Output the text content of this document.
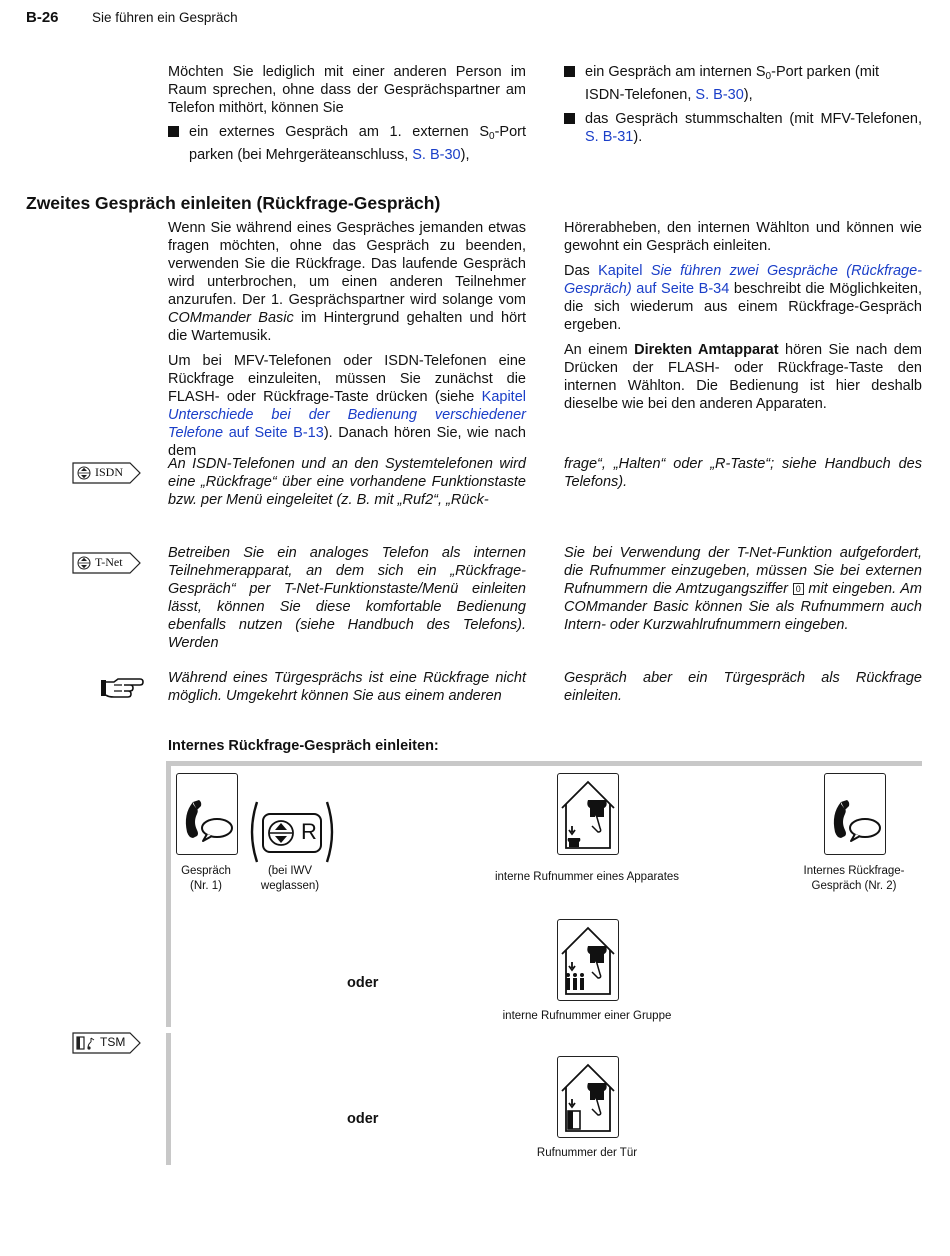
B-26 Sie führen ein Gespräch

Möchten Sie lediglich mit einer anderen Person im Raum sprechen, ohne dass der Gesprächspartner am Telefon mithört, können Sie

ein externes Gespräch am 1. externen $S_0$-Port parken (bei Mehrgeräteanschluss, S. B-30),

ein Gespräch am internen $S_0$-Port parken (mit ISDN-Telefonen, S. B-30),

das Gespräch stummschalten (mit MFV-Telefonen, S. B-31).

Zweites Gespräch einleiten (Rückfrage-Gespräch)

Wenn Sie während eines Gespräches jemanden etwas fragen möchten, ohne das Gespräch zu beenden, verwenden Sie die Rückfrage. Das laufende Gespräch wird unterbrochen, um einen anderen Teilnehmer anzurufen. Der 1. Gesprächspartner wird solange vom COMmander Basic im Hintergrund gehalten und hört die Wartemusik.

Um bei MFV-Telefonen oder ISDN-Telefonen eine Rückfrage einzuleiten, müssen Sie zunächst die FLASH- oder Rückfrage-Taste drücken (siehe Kapitel Unterschiede bei der Bedienung verschiedener Telefone auf Seite B-13). Danach hören Sie, wie nach dem

Hörerabheben, den internen Wählton und können wie gewohnt ein Gespräch einleiten.

Das Kapitel Sie führen zwei Gespräche (Rückfrage-Gespräch) auf Seite B-34 beschreibt die Möglichkeiten, die sich wiederum aus einem Rückfrage-Gespräch ergeben.

An einem Direkten Amtapparat hören Sie nach dem Drücken der FLASH- oder Rückfrage-Taste den internen Wählton. Die Bedienung ist hier deshalb dieselbe wie bei den anderen Apparaten.

ISDN	An ISDN-Telefonen und an den Systemtelefonen wird eine „Rückfrage“ über eine vorhandene Funktionstaste bzw. per Menü eingeleitet (z. B. mit „Ruf2“, „Rück-

frage“, „Halten“ oder „R-Taste“; siehe Handbuch des Telefons).

T-Net

Betreiben Sie ein analoges Telefon als internen Teilnehmerapparat, an dem sich ein „Rückfrage-Gespräch“ per T-Net-Funktionstaste/Menü einleiten lässt, können Sie diese komfortable Bedienung ebenfalls nutzen (siehe Handbuch des Telefons). Werden

Sie bei Verwendung der T-Net-Funktion aufgefordert, die Rufnummer einzugeben, müssen Sie bei externen Rufnummern die Amtzugangsziffer 0 mit eingeben. Am COMmander Basic können Sie als Rufnummern auch Intern- oder Kurzwahlrufnummern eingeben.

Während eines Türgesprächs ist eine Rückfrage nicht möglich. Umgekehrt können Sie aus einem anderen

Gespräch aber ein Türgespräch als Rückfrage einleiten.

Internes Rückfrage-Gespräch einleiten:
TSM
Gespräch
(Nr. 1)
R
(bei IWV
weglassen)
interne Rufnummer eines Apparates	Internes Rückfrage-
Gespräch (Nr. 2)
oder
interne Rufnummer einer Gruppe
oder
Rufnummer der Tür
